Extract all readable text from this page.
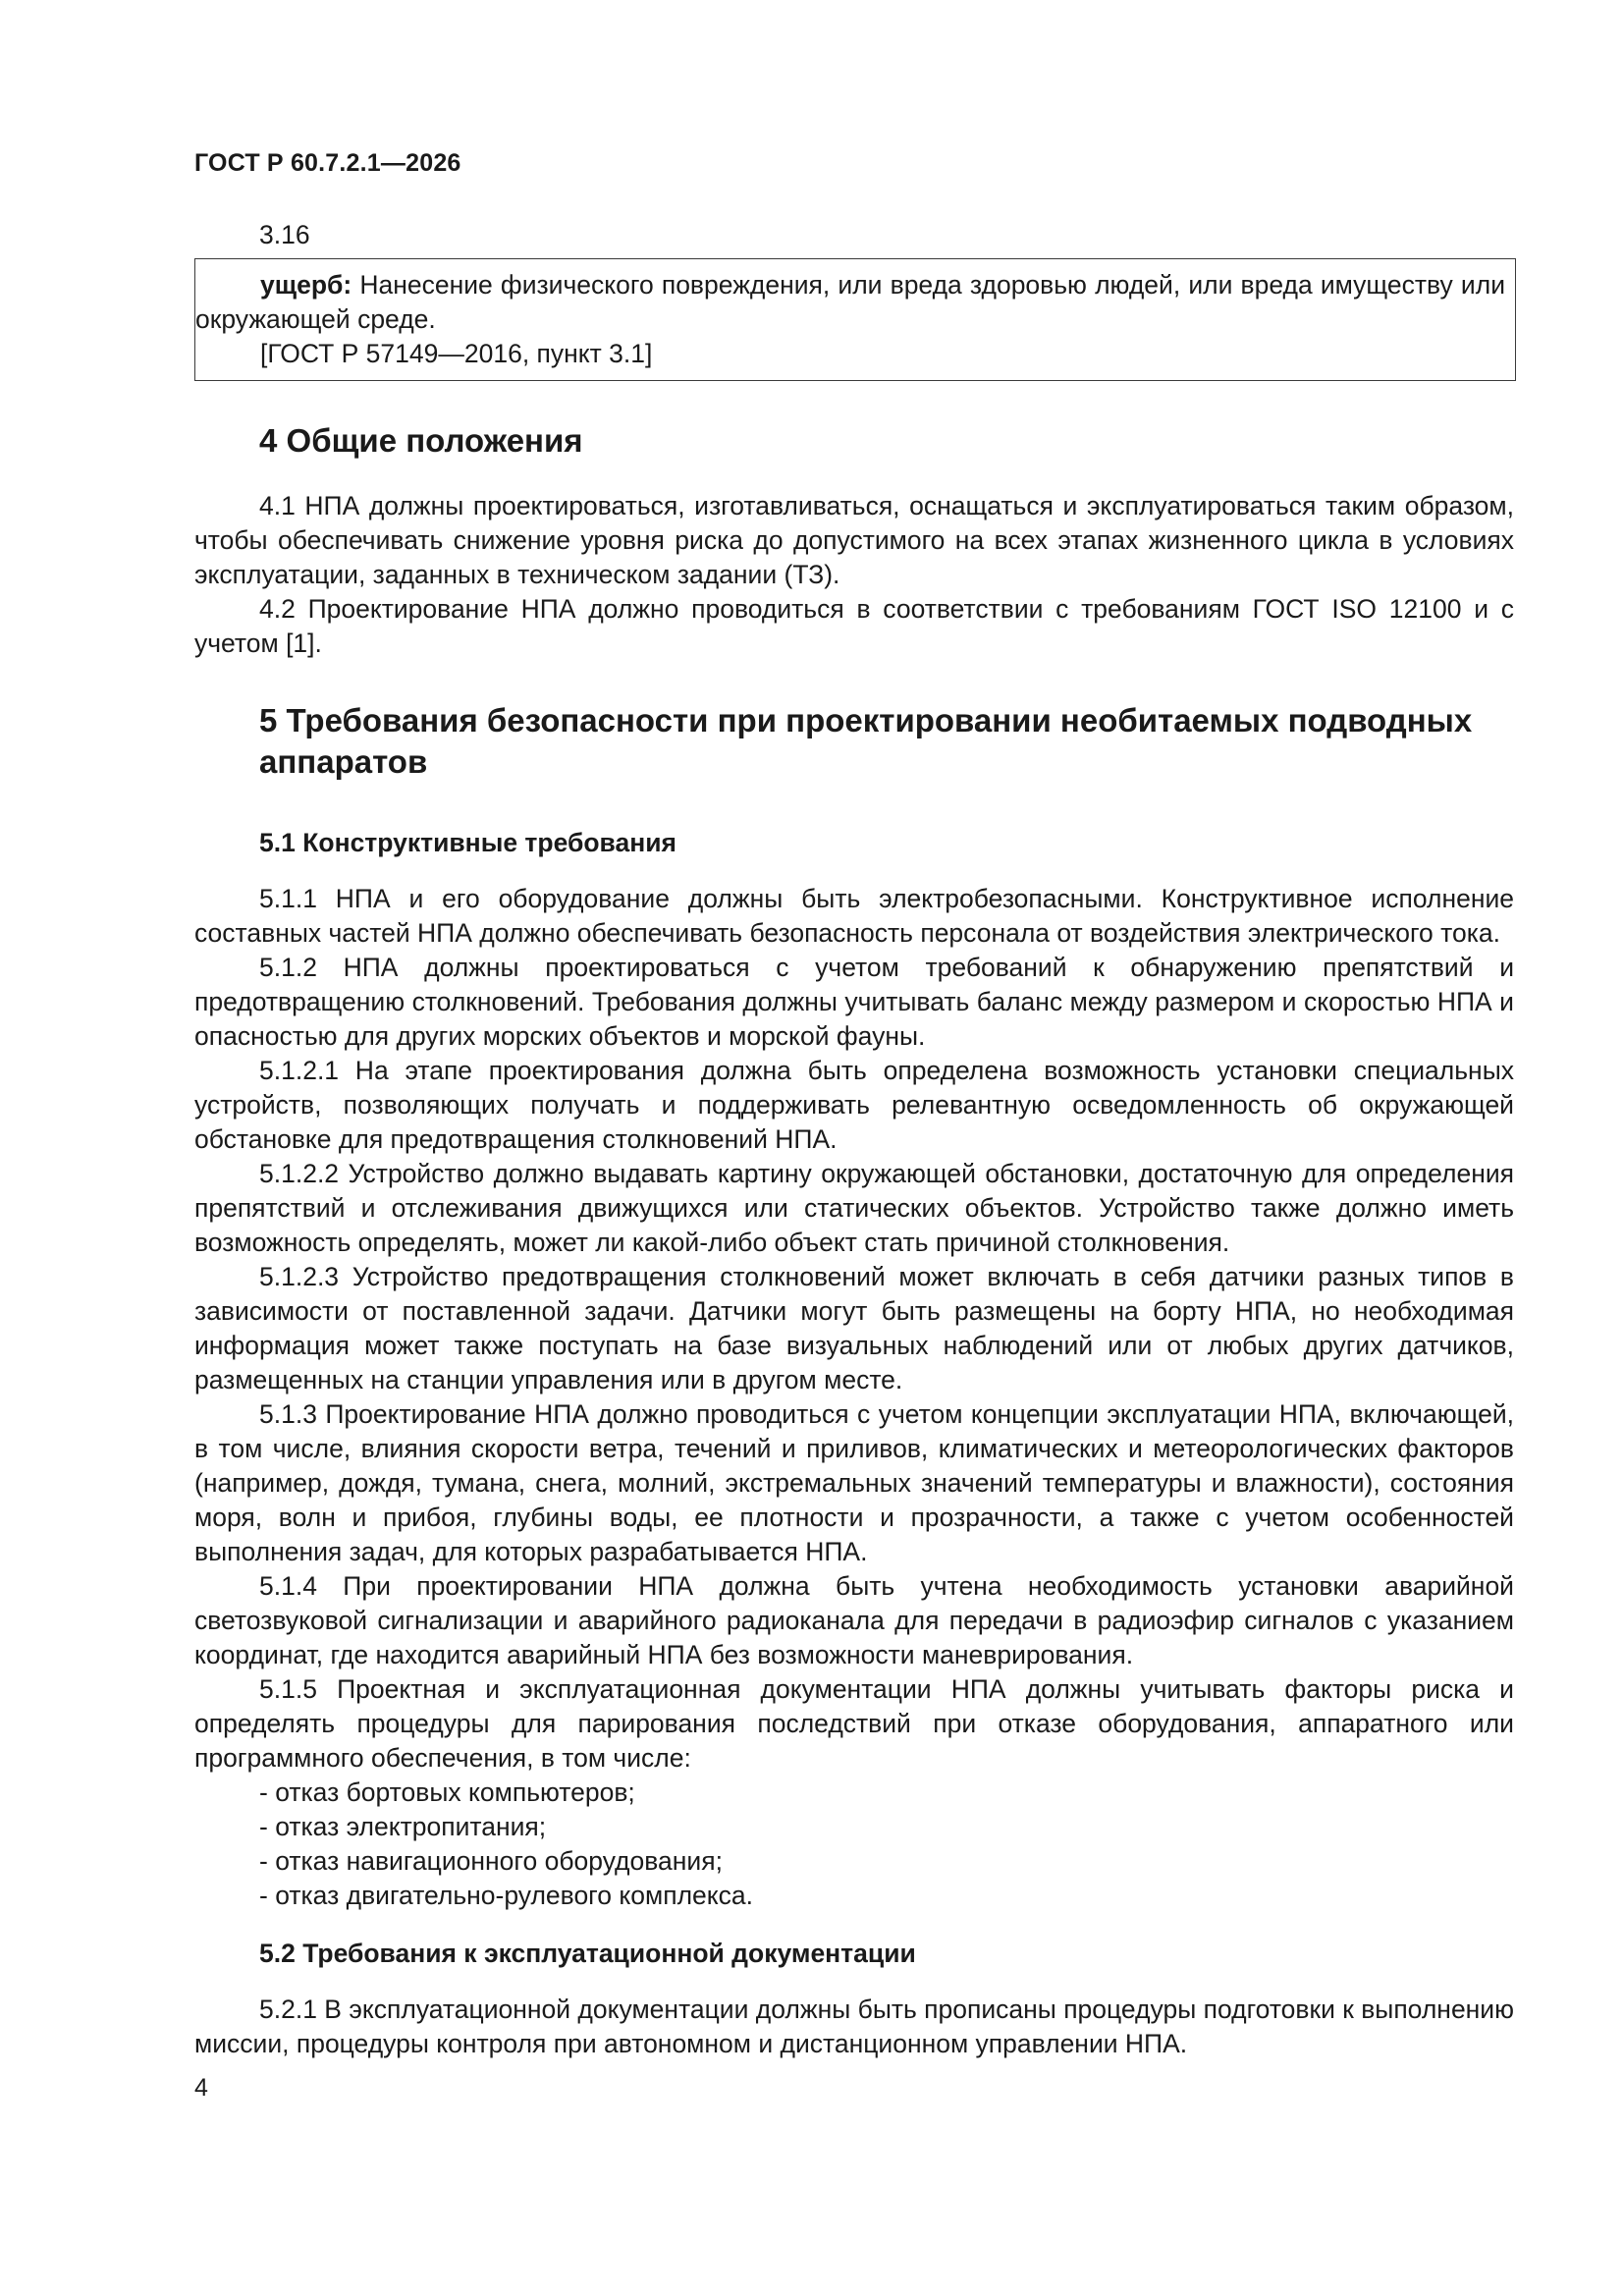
ГОСТ Р 60.7.2.1—2026
3.16

ущерб: Нанесение физического повреждения, или вреда здоровью людей, или вреда имуществу или окружающей среде.

[ГОСТ Р 57149—2016, пункт 3.1]

4 Общие положения

4.1 НПА должны проектироваться, изготавливаться, оснащаться и эксплуатироваться таким образом, чтобы обеспечивать снижение уровня риска до допустимого на всех этапах жизненного цикла в условиях эксплуатации, заданных в техническом задании (ТЗ).

4.2 Проектирование НПА должно проводиться в соответствии с требованиям ГОСТ ISO 12100 и с учетом [1].

5 Требования безопасности при проектировании необитаемых подводных аппаратов
5.1 Конструктивные требования

5.1.1 НПА и его оборудование должны быть электробезопасными. Конструктивное исполнение составных частей НПА должно обеспечивать безопасность персонала от воздействия электрического тока.

5.1.2 НПА должны проектироваться с учетом требований к обнаружению препятствий и предотвращению столкновений. Требования должны учитывать баланс между размером и скоростью НПА и опасностью для других морских объектов и морской фауны.

5.1.2.1 На этапе проектирования должна быть определена возможность установки специальных устройств, позволяющих получать и поддерживать релевантную осведомленность об окружающей обстановке для предотвращения столкновений НПА.

5.1.2.2 Устройство должно выдавать картину окружающей обстановки, достаточную для определения препятствий и отслеживания движущихся или статических объектов. Устройство также должно иметь возможность определять, может ли какой-либо объект стать причиной столкновения.

5.1.2.3 Устройство предотвращения столкновений может включать в себя датчики разных типов в зависимости от поставленной задачи. Датчики могут быть размещены на борту НПА, но необходимая информация может также поступать на базе визуальных наблюдений или от любых других датчиков, размещенных на станции управления или в другом месте.

5.1.3 Проектирование НПА должно проводиться с учетом концепции эксплуатации НПА, включающей, в том числе, влияния скорости ветра, течений и приливов, климатических и метеорологических факторов (например, дождя, тумана, снега, молний, экстремальных значений температуры и влажности), состояния моря, волн и прибоя, глубины воды, ее плотности и прозрачности, а также с учетом особенностей выполнения задач, для которых разрабатывается НПА.

5.1.4 При проектировании НПА должна быть учтена необходимость установки аварийной светозвуковой сигнализации и аварийного радиоканала для передачи в радиоэфир сигналов с указанием координат, где находится аварийный НПА без возможности маневрирования.

5.1.5 Проектная и эксплуатационная документации НПА должны учитывать факторы риска и определять процедуры для парирования последствий при отказе оборудования, аппаратного или программного обеспечения, в том числе:

- отказ бортовых компьютеров;
- отказ электропитания;
- отказ навигационного оборудования;
- отказ двигательно-рулевого комплекса.
5.2 Требования к эксплуатационной документации

5.2.1 В эксплуатационной документации должны быть прописаны процедуры подготовки к выполнению миссии, процедуры контроля при автономном и дистанционном управлении НПА.

4
